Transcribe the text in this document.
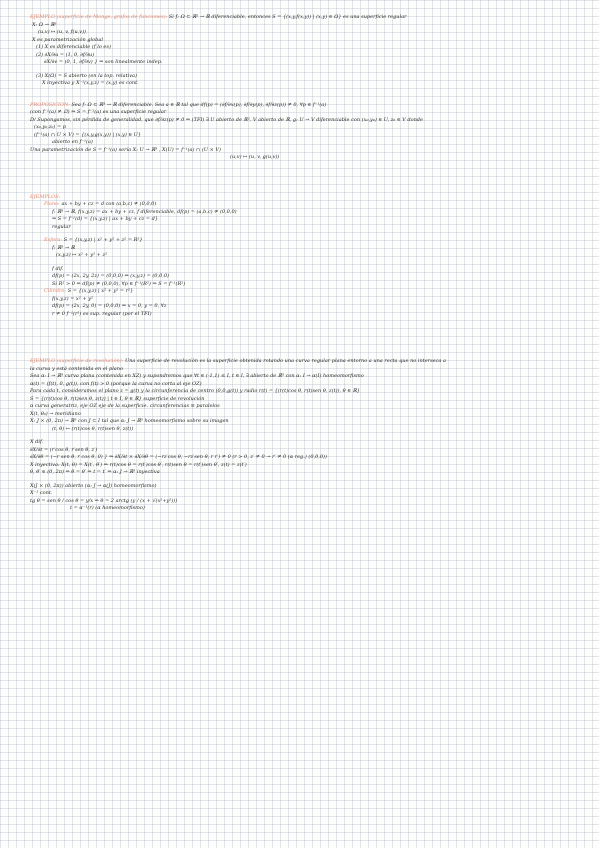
EJEMPLO (superficie de Monge, grafos de funciones): Si f: Ω ⊂ ℝ² → ℝ diferenciable, entonces S = {(x,y,f(x,y)) | (x,y) ∈ Ω} es una superficie regular
X: Ω → ℝ³
(u,v) ↦ (u, v, f(u,v))
X es parametrización global
(1) X es diferenciable (f lo es)
(2) ∂X/∂u = (1, 0, ∂f/∂u)
∂X/∂v = (0, 1, ∂f/∂v) } ⇒ son linealmente indep.
(3) X(Ω) = S abierto (en la top. relativa)
X inyectiva y X⁻¹(x,y,z) = (x,y) es cont.
PROPOSICIÓN: Sea f: Ω ⊂ ℝ³ → ℝ diferenciable. Sea a ∈ ℝ tal que df(p) = (∂f/∂x(p), ∂f/∂y(p), ∂f/∂z(p)) ≠ 0, ∀p ∈ f⁻¹(a)
(con f⁻¹(a) ≠ ∅) ⇒ S = f⁻¹(a) es una superficie regular
D/ Supongamos, sin pérdida de generalidad, que ∂f/∂z(p) ≠ 0 ⇒ (TFI) ∃ U abierto de ℝ², V abierto de ℝ, g: U → V diferenciable con (x₀,y₀) ∈ U, z₀ ∈ V donde
(x₀,y₀,z₀) = p
(f⁻¹(a) ∩ U × V) = {(x,y,g(x,y)) | (x,y) ∈ U}
abierto en f⁻¹(a)
Una parametrización de S = f⁻¹(a) sería X: U → ℝ³ , X(U) = f⁻¹(a) ∩ (U × V)
(u,v) ↦ (u, v, g(u,v))
EJEMPLOS:
Plano: ax + by + cz = d con (a,b,c) ≠ (0,0,0)
f: ℝ³ → ℝ, f(x,y,z) = ax + by + cz, f diferenciable, df(p) = (a,b,c) ≠ (0,0,0)
⇒ S = f⁻¹(d) = {(x,y,z) | ax + by + cz = d}
regular
Esfera: S = {(x,y,z) | x² + y² + z² = R²}
f: ℝ³ → ℝ
(x,y,z) ↦ x² + y² + z²
f dif.
df(p) = (2x, 2y, 2z) = (0,0,0) ⇔ (x,y,z) = (0,0,0)
Si R² > 0 ⇒ df(p) ≠ (0,0,0), ∀p ∈ f⁻¹(R²) ⇒ S = f⁻¹(R²)
Cilindro: S = {(x,y,z) | x² + y² = r²}
f(x,y,z) = x² + y²
df(p) = (2x, 2y, 0) = (0,0,0) ⇔ x = 0, y = 0, ∀z
r ≠ 0 f⁻¹(r²) es sup. regular (por el TFI)
EJEMPLO (superficie de revolución): Una superficie de revolución es la superficie obtenida rotando una curva regular plana entorno a una recta que no interseca a
la curva y está contenida en el plano
Sea α: I → ℝ³ curva plana (contenida en XZ) y supondremos que ∀t ∈ (-1,1) ≤ I, t ∈ I, ∃ abierto de ℝ³ con α: I → α(I) homeomorfismo
α(t) = (f(t), 0, g(t)), con f(t) > 0 (porque la curva no corta al eje OZ)
Para cada t, consideramos el plano z = g(t) y la circunferencia de centro (0,0,g(t)) y radio r(t) = {(r(t)cos θ, r(t)sen θ, z(t)), θ ∈ ℝ}
S = {(r(t)cos θ, r(t)sen θ, z(t)) | t ∈ I, θ ∈ ℝ} superficie de revolución
α curva generatriz, eje OZ eje de la superficie. circunferencias ≡ paralelos
X(t, θ₀) → meridiano
X: J × (0, 2π) → ℝ³ con J ⊂ I tal que α: J → ℝ³ homeomorfismo sobre su imagen
(t, θ) ↦ (r(t)cos θ, r(t)sen θ, z(t))
X dif.
∂X/∂t = (r′cos θ, r′sen θ, z′)
∂X/∂θ = (−r sen θ, r cos θ, 0) } ⇒ ∂X/∂t × ∂X/∂θ = (−rz′cos θ, −rz′sen θ, r r′) ≠ 0 (r > 0, z′ ≠ 0 → r′ ≠ 0 (α reg.) (0,0,0))
X inyectiva: X(t, θ) = X(t′, θ′) ⇒ r(t)cos θ = r(t′)cos θ′, r(t)sen θ = r(t′)sen θ′, z(t) = z(t′)
θ, θ′ ∈ (0, 2π) ⇒ θ = θ′ ⇒ t = t′ ⇒ α: J → ℝ³ inyectiva
X(J × (0, 2π)) abierto (α: J → α(J) homeomorfismo)
X⁻¹ cont.
tg θ = sen θ / cos θ = y/x ⇒ θ = 2 arctg (y / (x + √(x²+y²)))
t = α⁻¹(r) (α homeomorfismo)
